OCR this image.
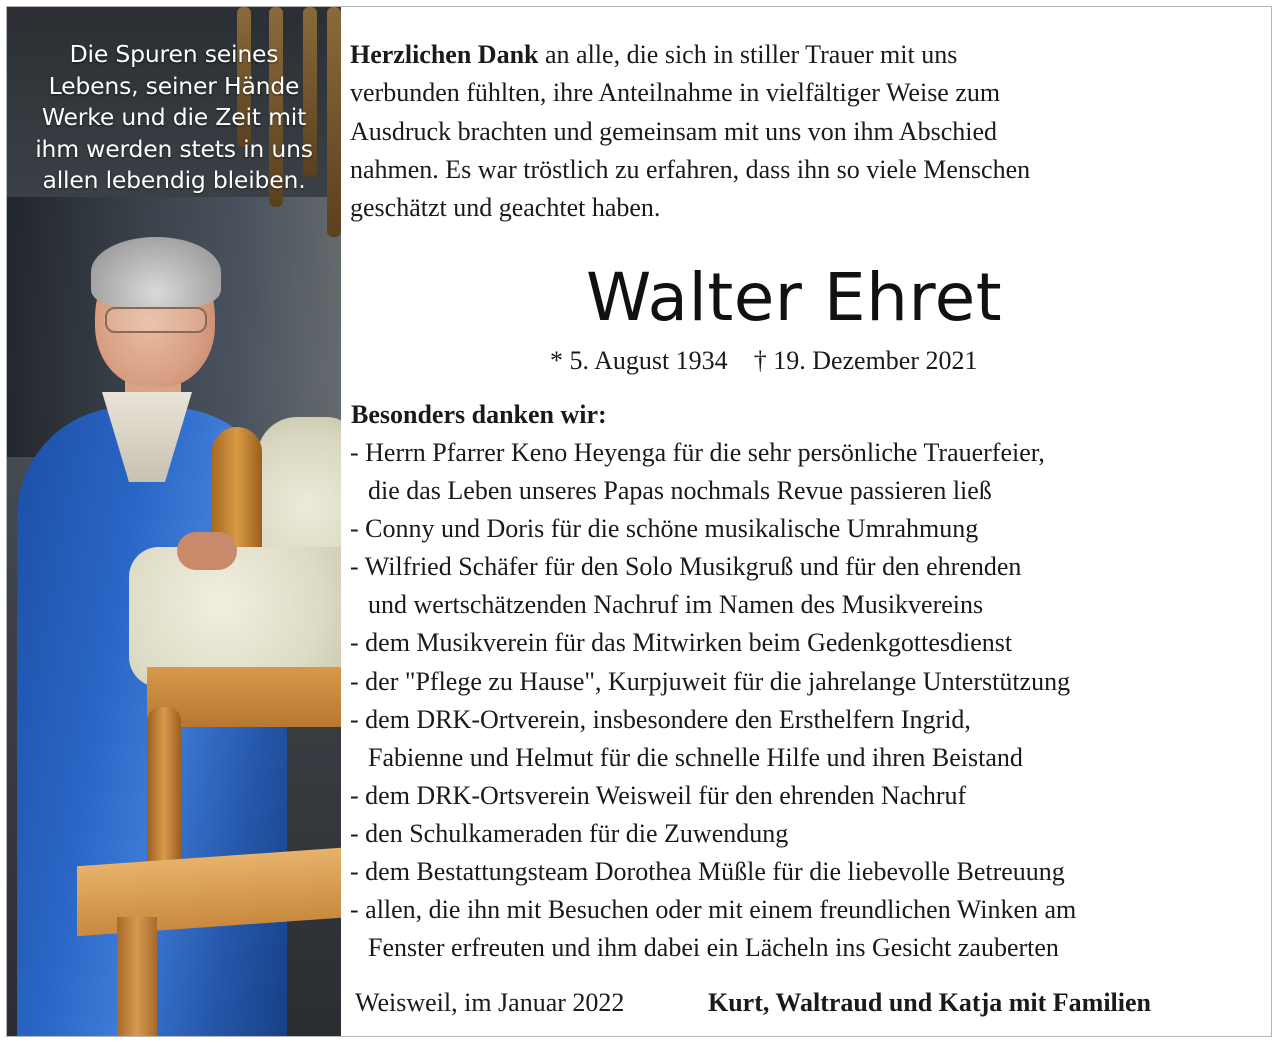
Die Spuren seines
Lebens, seiner Hände
Werke und die Zeit mit
ihm werden stets in uns
allen lebendig bleiben.
Herzlichen Dank an alle, die sich in stiller Trauer mit uns
verbunden fühlten, ihre Anteilnahme in vielfältiger Weise zum
Ausdruck brachten und gemeinsam mit uns von ihm Abschied
nahmen. Es war tröstlich zu erfahren, dass ihn so viele Menschen
geschätzt und geachtet haben.
Walter Ehret
* 5. August 1934 † 19. Dezember 2021
Besonders danken wir:
- Herrn Pfarrer Keno Heyenga für die sehr persönliche Trauerfeier,
die das Leben unseres Papas nochmals Revue passieren ließ
- Conny und Doris für die schöne musikalische Umrahmung
- Wilfried Schäfer für den Solo Musikgruß und für den ehrenden
und wertschätzenden Nachruf im Namen des Musikvereins
- dem Musikverein für das Mitwirken beim Gedenkgottesdienst
- der "Pflege zu Hause", Kurpjuweit für die jahrelange Unterstützung
- dem DRK-Ortverein, insbesondere den Ersthelfern Ingrid,
Fabienne und Helmut für die schnelle Hilfe und ihren Beistand
- dem DRK-Ortsverein Weisweil für den ehrenden Nachruf
- den Schulkameraden für die Zuwendung
- dem Bestattungsteam Dorothea Müßle für die liebevolle Betreuung
- allen, die ihn mit Besuchen oder mit einem freundlichen Winken am
Fenster erfreuten und ihm dabei ein Lächeln ins Gesicht zauberten
Weisweil, im Januar 2022	Kurt, Waltraud und Katja mit Familien
